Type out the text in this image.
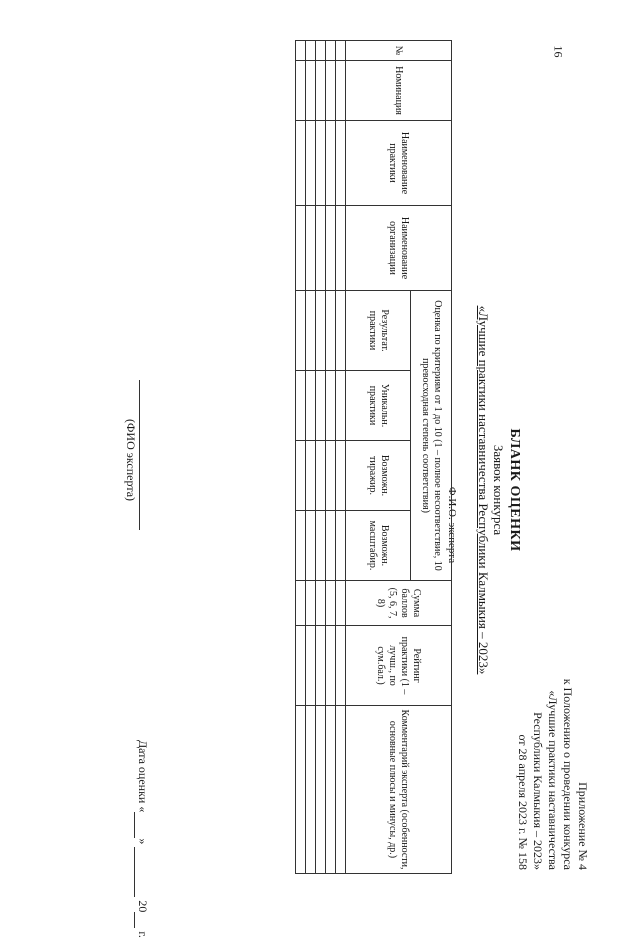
16
Приложение № 4
к Положению о проведении конкурса
«Лучшие практики наставничества
Республики Калмыкия – 2023»
от 28 апреля 2023 г. № 158
БЛАНК ОЦЕНКИ
Заявок конкурса
«Лучшие практики наставничества Республики Калмыкия – 2023»
Ф.И.О. эксперта
№	Номинация	Наименование практики	Наименование организации	Оценка по критериям от 1 до 10 (1 – полное несоответствие, 10 превосходная степень соответствия)				Сумма баллов (5, 6, 7, 8)	Рейтинг практики (1 – лучш., по сум.бал.)	Комментарий эксперта (особенности, основные плюсы и минусы, др.)
				Результат. практики	Уникальн. практики	Возможн. тиражир.	Возможн. масштабир.			

(ФИО эксперта)
Дата оценки « »   20  г.
